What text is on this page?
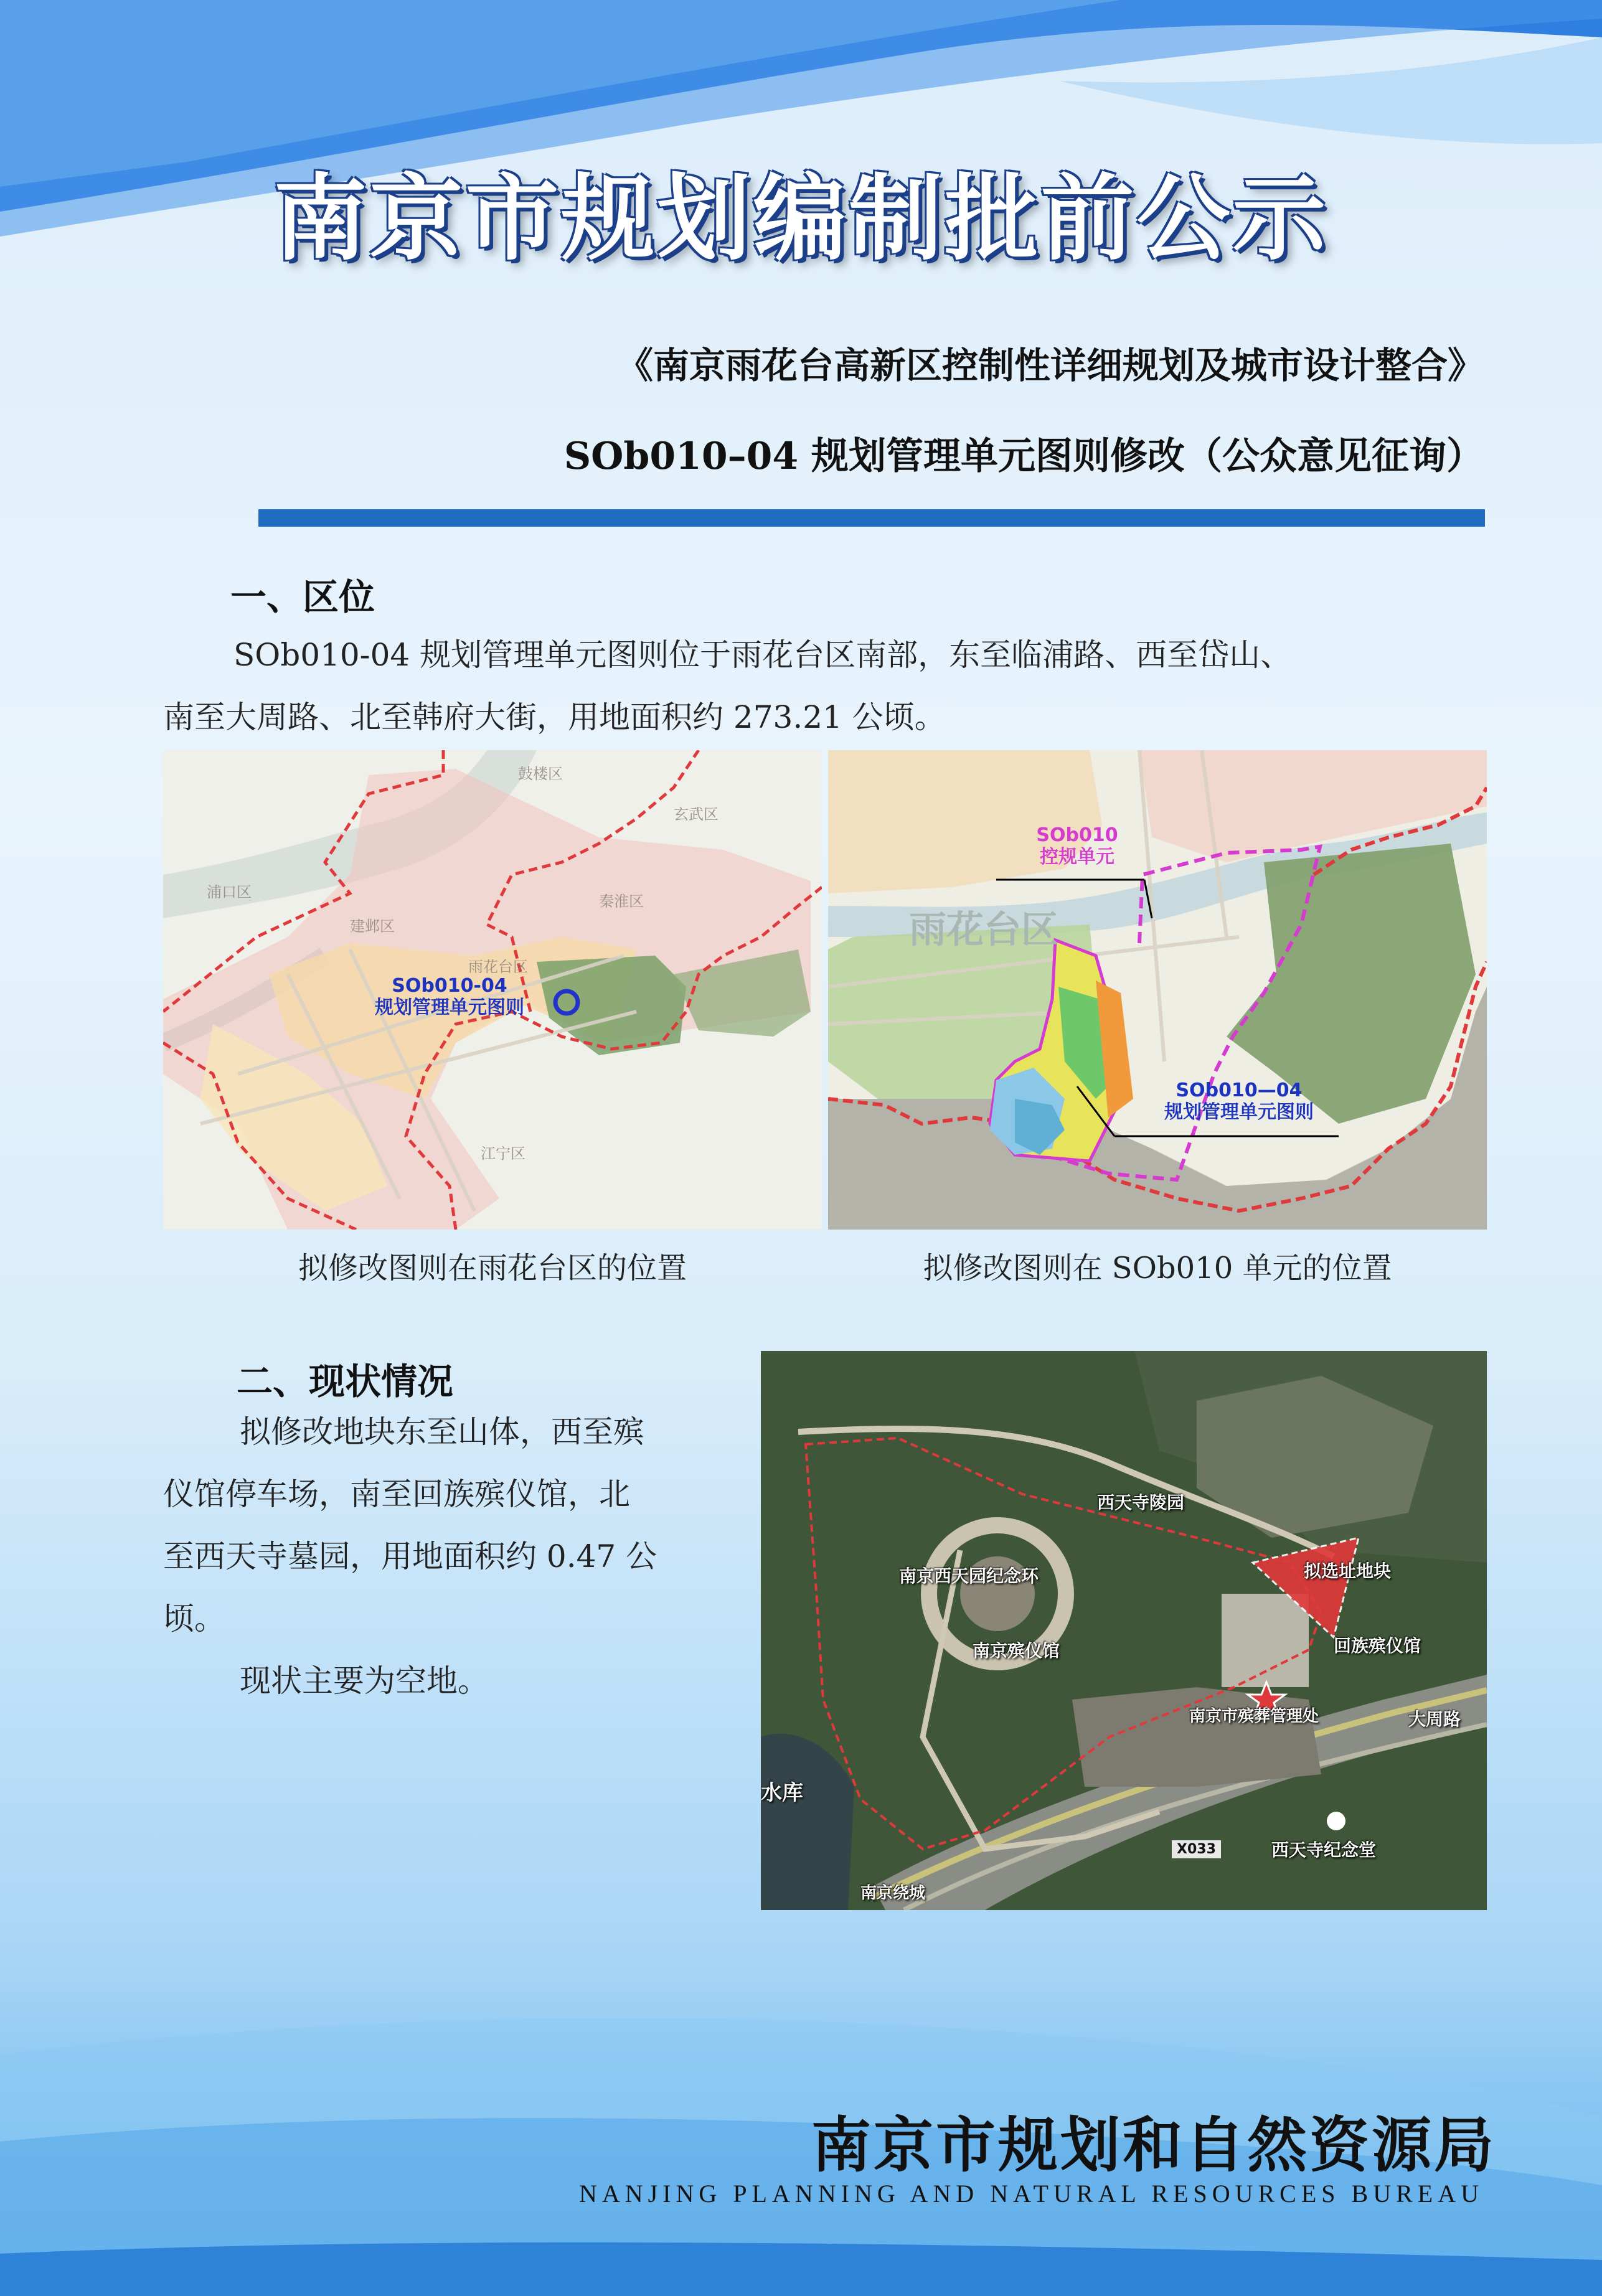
南京市规划编制批前公示
《南京雨花台高新区控制性详细规划及城市设计整合》
SOb010–04 规划管理单元图则修改（公众意见征询）
一、区位
SOb010-04 规划管理单元图则位于雨花台区南部，东至临浦路、西至岱山、
南至大周路、北至韩府大街，用地面积约 273.21 公顷。
SOb010-04
规划管理单元图则
鼓楼区
玄武区
秦淮区
浦口区
建邺区
雨花台区
江宁区
拟修改图则在雨花台区的位置
SOb010
控规单元
雨花台区
SOb010—04
规划管理单元图则
拟修改图则在 SOb010 单元的位置
二、现状情况
拟修改地块东至山体，西至殡
仪馆停车场，南至回族殡仪馆，北
至西天寺墓园，用地面积约 0.47 公
顷。
现状主要为空地。
拟选址地块
西天寺陵园
南京西天园纪念环
南京殡仪馆	回族殡仪馆
南京市殡葬管理处	大周路
X033	西天寺纪念堂
水库
南京绕城
南京市规划和自然资源局
NANJING PLANNING AND NATURAL RESOURCES BUREAU
